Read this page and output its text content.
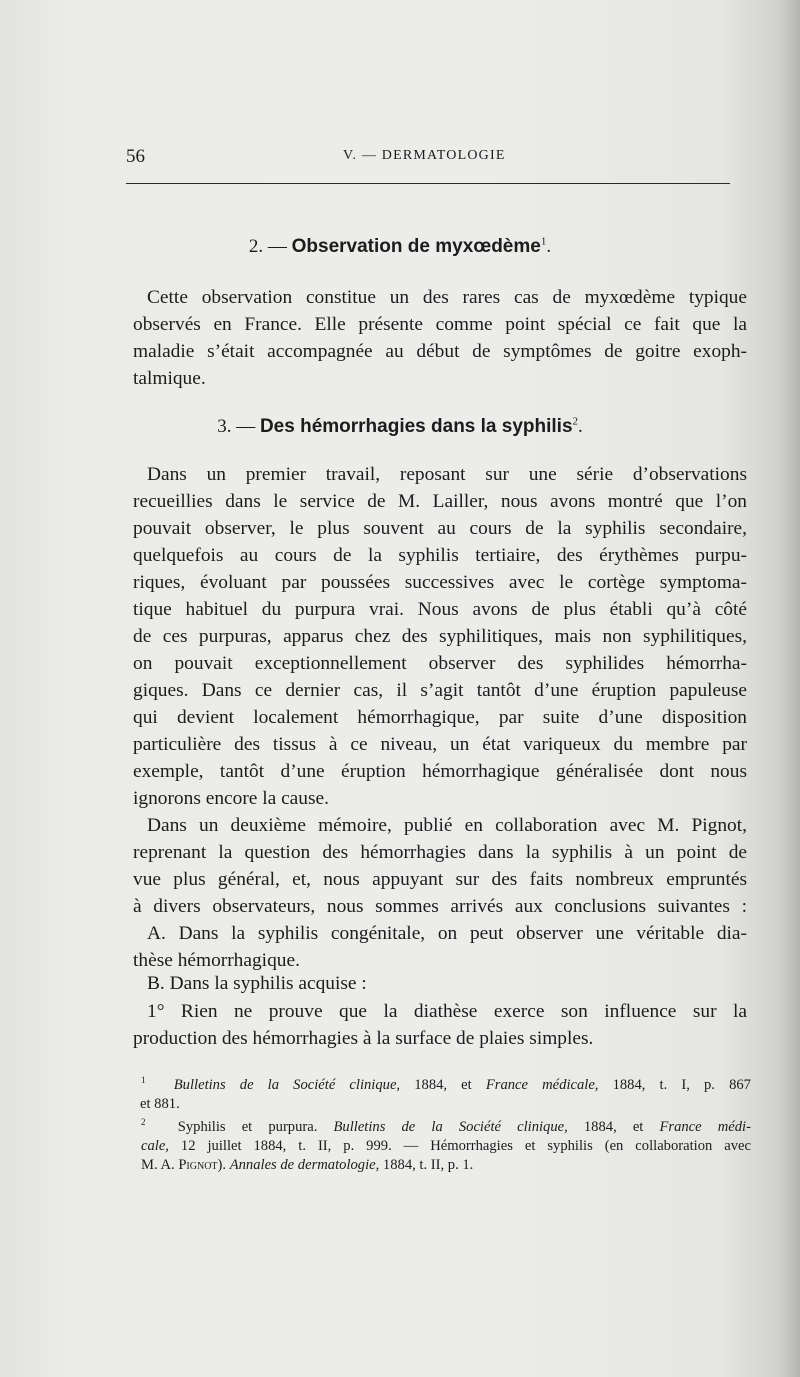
56	V. — DERMATOLOGIE
2. — Observation de myxœdème$^1$.
Cette observation constitue un des rares cas de myxœdème typique
observés en France. Elle présente comme point spécial ce fait que la
maladie s’était accompagnée au début de symptômes de goitre exoph-
talmique.
3. — Des hémorrhagies dans la syphilis$^2$.
Dans un premier travail, reposant sur une série d’observations
recueillies dans le service de M. Lailler, nous avons montré que l’on
pouvait observer, le plus souvent au cours de la syphilis secondaire,
quelquefois au cours de la syphilis tertiaire, des érythèmes purpu-
riques, évoluant par poussées successives avec le cortège symptoma-
tique habituel du purpura vrai. Nous avons de plus établi qu’à côté
de ces purpuras, apparus chez des syphilitiques, mais non syphilitiques,
on pouvait exceptionnellement observer des syphilides hémorrha-
giques. Dans ce dernier cas, il s’agit tantôt d’une éruption papuleuse
qui devient localement hémorrhagique, par suite d’une disposition
particulière des tissus à ce niveau, un état variqueux du membre par
exemple, tantôt d’une éruption hémorrhagique généralisée dont nous
ignorons encore la cause.
Dans un deuxième mémoire, publié en collaboration avec M. Pignot,
reprenant la question des hémorrhagies dans la syphilis à un point de
vue plus général, et, nous appuyant sur des faits nombreux empruntés
à divers observateurs, nous sommes arrivés aux conclusions suivantes :
A. Dans la syphilis congénitale, on peut observer une véritable dia-
thèse hémorrhagique.
B. Dans la syphilis acquise :
1° Rien ne prouve que la diathèse exerce son influence sur la
production des hémorrhagies à la surface de plaies simples.
$^1$ Bulletins de la Société clinique, 1884, et France médicale, 1884, t. I, p. 867
et 881.
$^2$ Syphilis et purpura. Bulletins de la Société clinique, 1884, et France médi-
cale, 12 juillet 1884, t. II, p. 999. — Hémorrhagies et syphilis (en collaboration avec
M. A. Pignot). Annales de dermatologie, 1884, t. II, p. 1.
